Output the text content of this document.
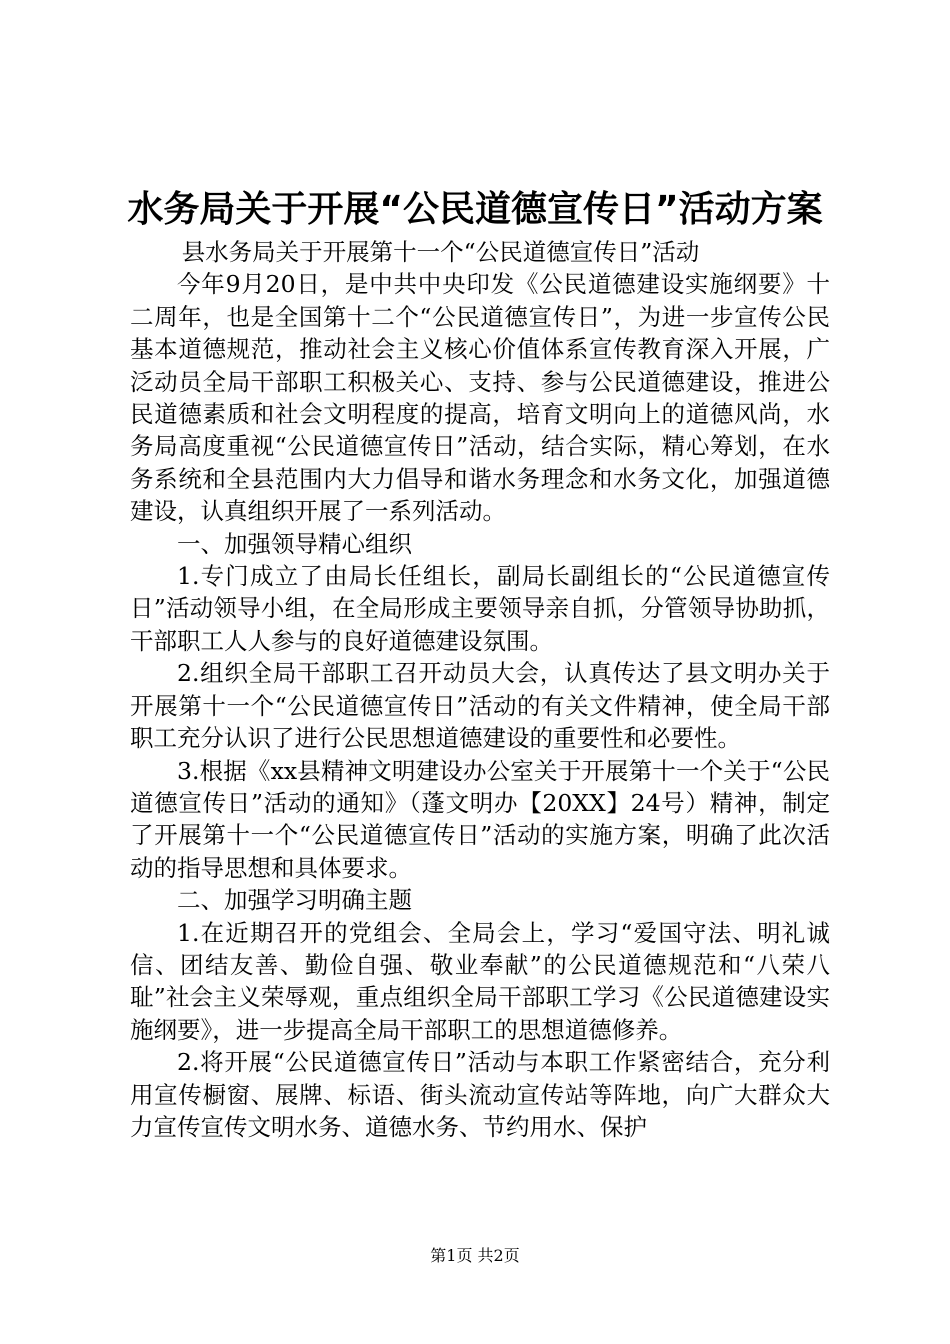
水务局关于开展“公民道德宣传日”活动方案

县水务局关于开展第十一个“公民道德宣传日”活动

今年9月20日，是中共中央印发《公民道德建设实施纲要》十二周年，也是全国第十二个“公民道德宣传日”，为进一步宣传公民基本道德规范，推动社会主义核心价值体系宣传教育深入开展，广泛动员全局干部职工积极关心、支持、参与公民道德建设，推进公民道德素质和社会文明程度的提高，培育文明向上的道德风尚，水务局高度重视“公民道德宣传日”活动，结合实际，精心筹划，在水务系统和全县范围内大力倡导和谐水务理念和水务文化，加强道德建设，认真组织开展了一系列活动。

一、加强领导精心组织

1.专门成立了由局长任组长，副局长副组长的“公民道德宣传日”活动领导小组，在全局形成主要领导亲自抓，分管领导协助抓，干部职工人人参与的良好道德建设氛围。

2.组织全局干部职工召开动员大会，认真传达了县文明办关于开展第十一个“公民道德宣传日”活动的有关文件精神，使全局干部职工充分认识了进行公民思想道德建设的重要性和必要性。

3.根据《xx县精神文明建设办公室关于开展第十一个关于“公民道德宣传日”活动的通知》（蓬文明办【20XX】24号）精神，制定了开展第十一个“公民道德宣传日”活动的实施方案，明确了此次活动的指导思想和具体要求。

二、加强学习明确主题

1.在近期召开的党组会、全局会上，学习“爱国守法、明礼诚信、团结友善、勤俭自强、敬业奉献”的公民道德规范和“八荣八耻”社会主义荣辱观，重点组织全局干部职工学习《公民道德建设实施纲要》，进一步提高全局干部职工的思想道德修养。

2.将开展“公民道德宣传日”活动与本职工作紧密结合，充分利用宣传橱窗、展牌、标语、街头流动宣传站等阵地，向广大群众大力宣传宣传文明水务、道德水务、节约用水、保护

第1页 共2页
